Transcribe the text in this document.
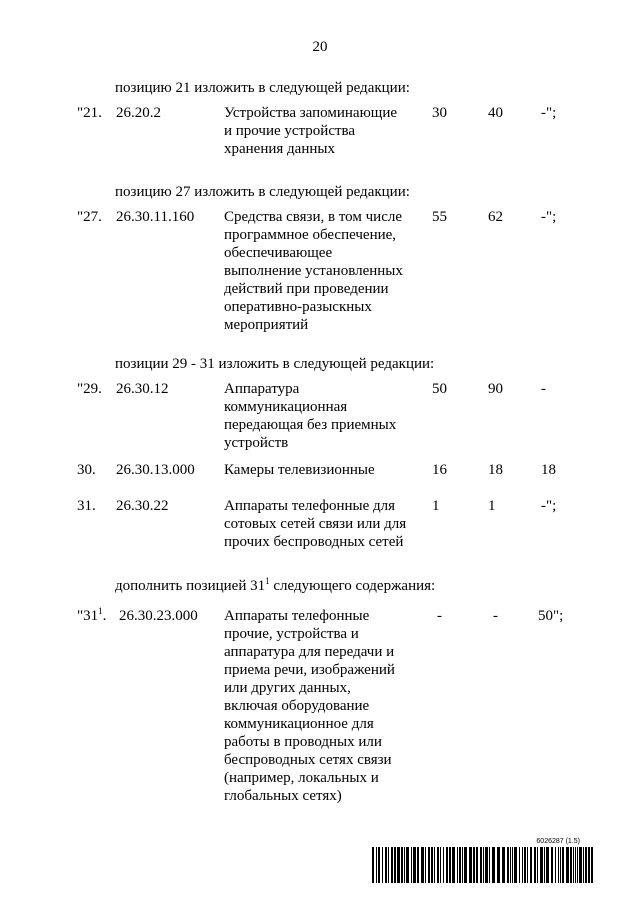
20
позицию 21 изложить в следующей редакции:
"21. 26.20.2	Устройства запоминающие
и прочие устройства
хранения данных
30	40	-";
позицию 27 изложить в следующей редакции:
"27. 26.30.11.160 Средства связи, в том числе
программное обеспечение,
обеспечивающее
выполнение установленных
действий при проведении
оперативно-разыскных
мероприятий
55	62	-";
позиции 29 - 31 изложить в следующей редакции:
"29. 26.30.12	Аппаратура
коммуникационная
передающая без приемных
устройств
50	90	-
30. 26.30.13.000 Камеры телевизионные	16	18	18
31. 26.30.22	Аппараты телефонные для
сотовых сетей связи или для
прочих беспроводных сетей
1	1	-";
дополнить позицией $31^1$ следующего содержания:
"$31^1$. 26.30.23.000 Аппараты телефонные
прочие, устройства и
аппаратура для передачи и
приема речи, изображений
или других данных,
включая оборудование
коммуникационное для
работы в проводных или
беспроводных сетях связи
(например, локальных и
глобальных сетях)
-	-	50";
6026287 (1.5)
